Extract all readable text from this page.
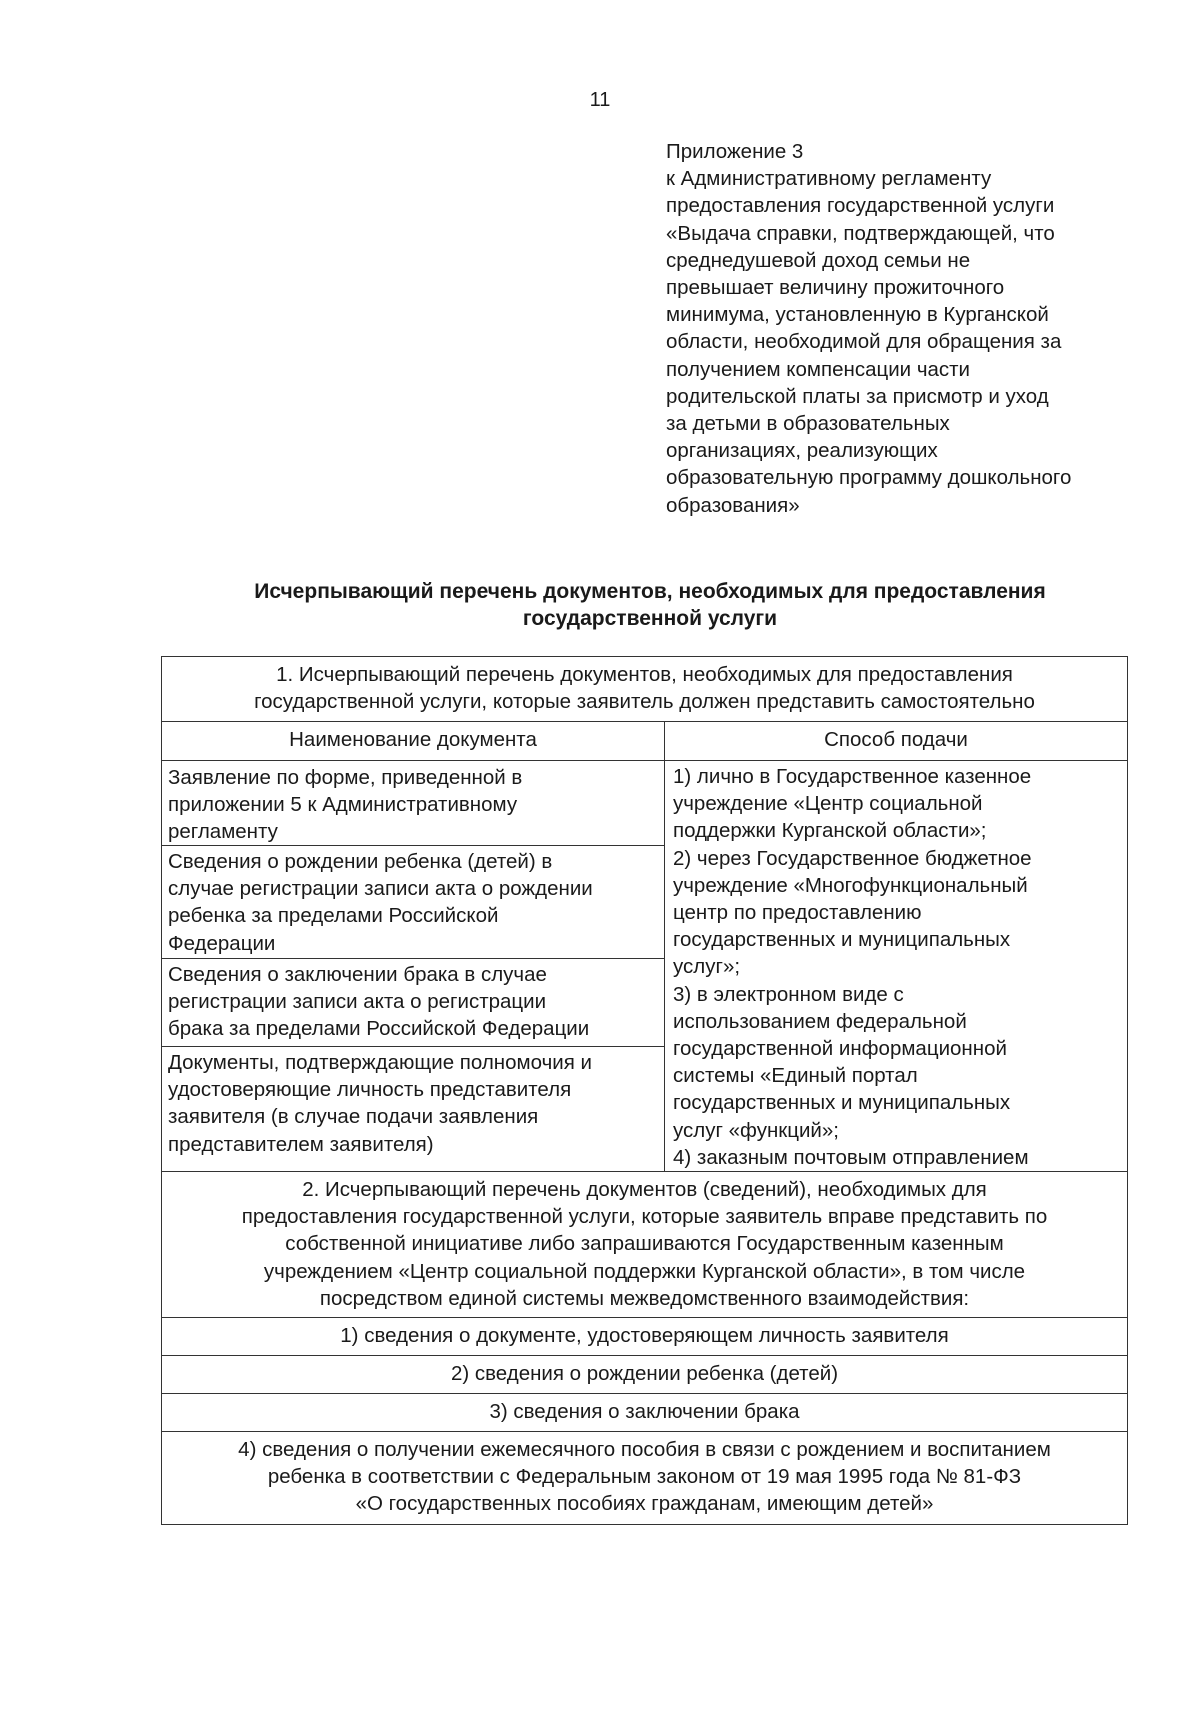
11
Приложение 3
к Административному регламенту
предоставления государственной услуги
«Выдача справки, подтверждающей, что
среднедушевой доход семьи не
превышает величину прожиточного
минимума, установленную в Курганской
области, необходимой для обращения за
получением компенсации части
родительской платы за присмотр и уход
за детьми в образовательных
организациях, реализующих
образовательную программу дошкольного
образования»
Исчерпывающий перечень документов, необходимых для предоставления
государственной услуги
1. Исчерпывающий перечень документов, необходимых для предоставления
государственной услуги, которые заявитель должен представить самостоятельно
Наименование документа	Способ подачи
Заявление по форме, приведенной в
приложении 5 к Административному
регламенту
Сведения о рождении ребенка (детей) в
случае регистрации записи акта о рождении
ребенка за пределами Российской
Федерации
Сведения о заключении брака в случае
регистрации записи акта о регистрации
брака за пределами Российской Федерации
Документы, подтверждающие полномочия и
удостоверяющие личность представителя
заявителя (в случае подачи заявления
представителем заявителя)
1) лично в Государственное казенное
учреждение «Центр социальной
поддержки Курганской области»;
2) через Государственное бюджетное
учреждение «Многофункциональный
центр по предоставлению
государственных и муниципальных
услуг»;
3) в электронном виде с
использованием федеральной
государственной информационной
системы «Единый портал
государственных и муниципальных
услуг «функций»;
4) заказным почтовым отправлением
2. Исчерпывающий перечень документов (сведений), необходимых для
предоставления государственной услуги, которые заявитель вправе представить по
собственной инициативе либо запрашиваются Государственным казенным
учреждением «Центр социальной поддержки Курганской области», в том числе
посредством единой системы межведомственного взаимодействия:
1) сведения о документе, удостоверяющем личность заявителя
2) сведения о рождении ребенка (детей)
3) сведения о заключении брака
4) сведения о получении ежемесячного пособия в связи с рождением и воспитанием
ребенка в соответствии с Федеральным законом от 19 мая 1995 года № 81-ФЗ
«О государственных пособиях гражданам, имеющим детей»
